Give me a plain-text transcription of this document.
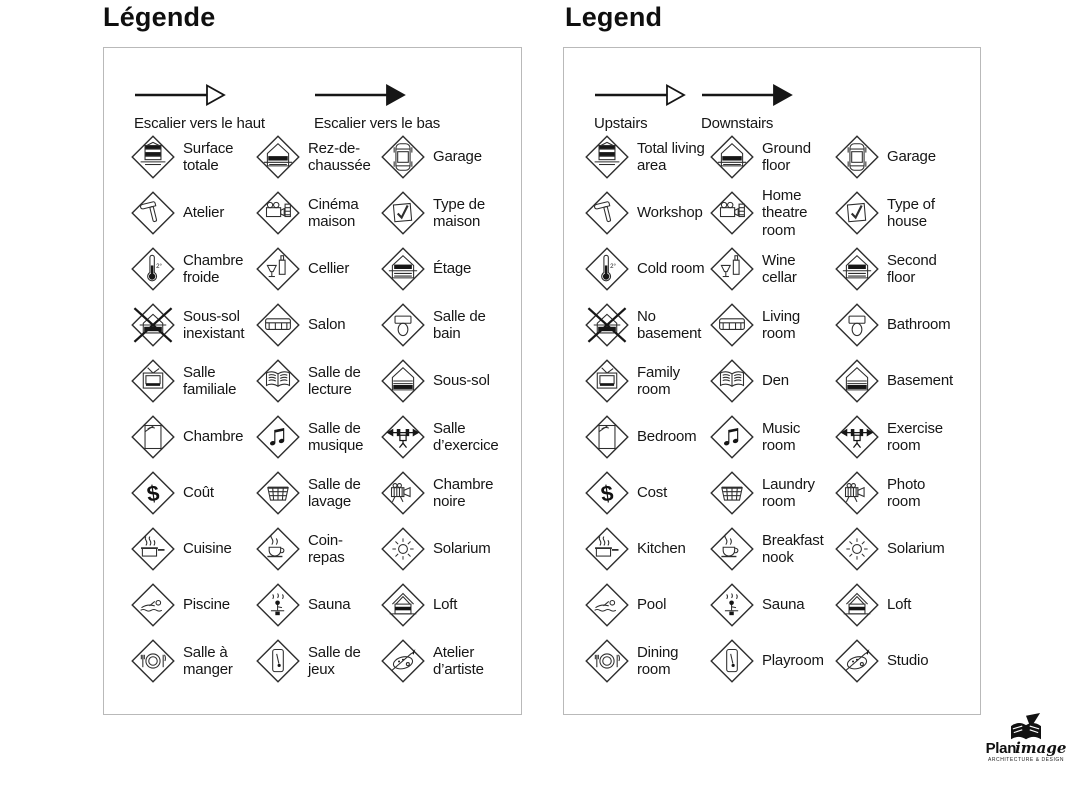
Légende	Legend
Escalier vers le haut	Escalier vers le bas
Surface totale
Rez-de-chaussée
Garage
Atelier
Cinéma maison
Type de maison
2° Chambre froide
Cellier	Étage
Sous-sol inexistant
Salon
Salle de bain
Salle familiale
Salle de lecture
Sous-sol
Chambre
Salle de musique
Salle d’exercice
$ Coût
Salle de lavage
Chambre noire
Cuisine
Coin-repas
Solarium
Piscine	Sauna	Loft
Salle à manger
Salle de jeux
Atelier d’artiste
Upstairs	Downstairs
Total living area
Ground floor
Garage
Workshop
Home theatre room
Type of house
2° Cold room
Wine cellar
Second floor
No basement
Living room
Bathroom
Family room
Den	Basement
Bedroom
Music room
Exercise room
$ Cost
Laundry room
Photo room
Kitchen
Breakfast nook
Solarium
Pool	Sauna	Loft
Dining room
Playroom	Studio
Planimage
ARCHITECTURE & DESIGN
